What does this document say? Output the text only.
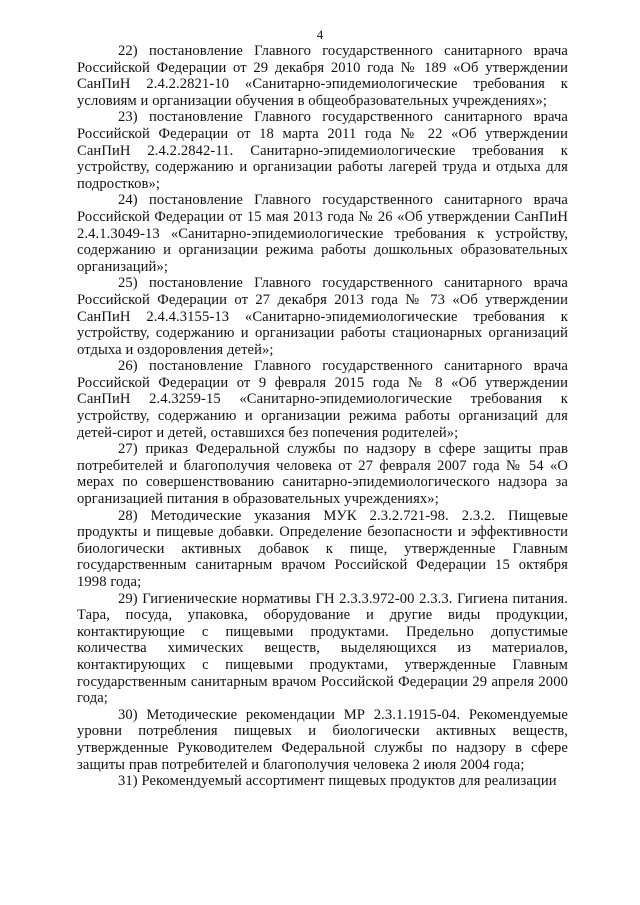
4

22) постановление Главного государственного санитарного врача Российской Федерации от 29 декабря 2010 года № 189 «Об утверждении СанПиН 2.4.2.2821-10 «Санитарно-эпидемиологические требования к условиям и организации обучения в общеобразовательных учреждениях»;

23) постановление Главного государственного санитарного врача Российской Федерации от 18 марта 2011 года № 22 «Об утверждении СанПиН 2.4.2.2842-11. Санитарно-эпидемиологические требования к устройству, содержанию и организации работы лагерей труда и отдыха для подростков»;

24) постановление Главного государственного санитарного врача Российской Федерации от 15 мая 2013 года № 26 «Об утверждении СанПиН 2.4.1.3049-13 «Санитарно-эпидемиологические требования к устройству, содержанию и организации режима работы дошкольных образовательных организаций»;

25) постановление Главного государственного санитарного врача Российской Федерации от 27 декабря 2013 года № 73 «Об утверждении СанПиН 2.4.4.3155-13 «Санитарно-эпидемиологические требования к устройству, содержанию и организации работы стационарных организаций отдыха и оздоровления детей»;

26) постановление Главного государственного санитарного врача Российской Федерации от 9 февраля 2015 года № 8 «Об утверждении СанПиН 2.4.3259-15 «Санитарно-эпидемиологические требования к устройству, содержанию и организации режима работы организаций для детей-сирот и детей, оставшихся без попечения родителей»;

27) приказ Федеральной службы по надзору в сфере защиты прав потребителей и благополучия человека от 27 февраля 2007 года № 54 «О мерах по совершенствованию санитарно-эпидемиологического надзора за организацией питания в образовательных учреждениях»;

28) Методические указания МУК 2.3.2.721-98. 2.3.2. Пищевые продукты и пищевые добавки. Определение безопасности и эффективности биологически активных добавок к пище, утвержденные Главным государственным санитарным врачом Российской Федерации 15 октября 1998 года;

29) Гигиенические нормативы ГН 2.3.3.972-00 2.3.3. Гигиена питания. Тара, посуда, упаковка, оборудование и другие виды продукции, контактирующие с пищевыми продуктами. Предельно допустимые количества химических веществ, выделяющихся из материалов, контактирующих с пищевыми продуктами, утвержденные Главным государственным санитарным врачом Российской Федерации 29 апреля 2000 года;

30) Методические рекомендации МР 2.3.1.1915-04. Рекомендуемые уровни потребления пищевых и биологически активных веществ, утвержденные Руководителем Федеральной службы по надзору в сфере защиты прав потребителей и благополучия человека 2 июля 2004 года;

31) Рекомендуемый ассортимент пищевых продуктов для реализации
